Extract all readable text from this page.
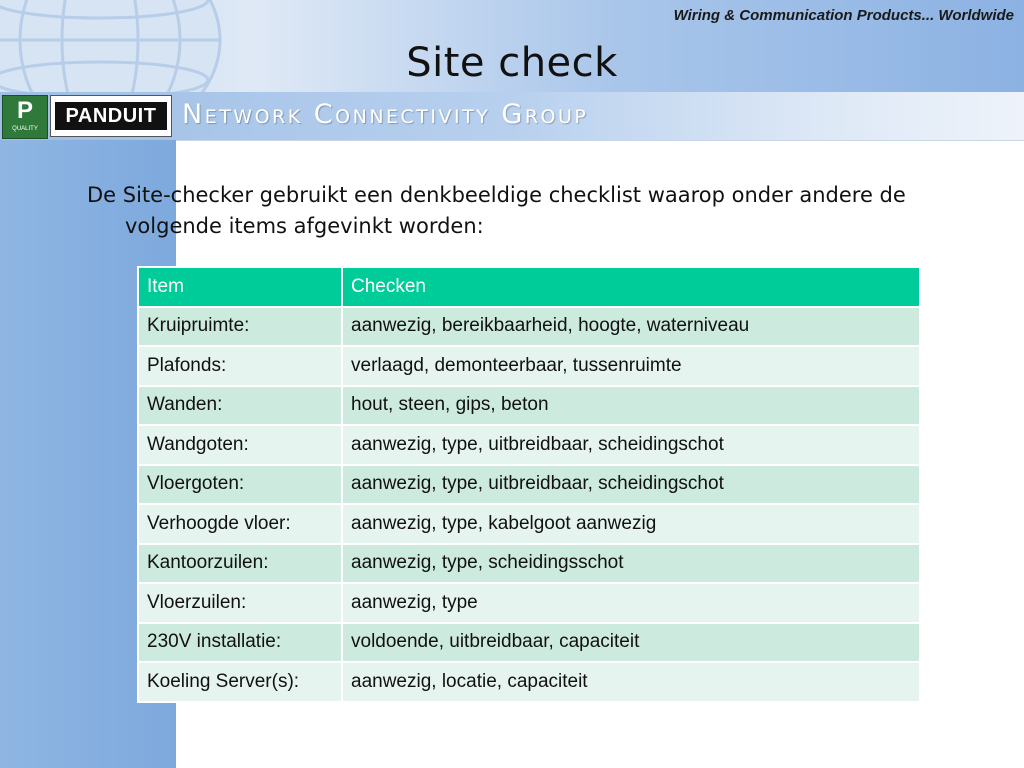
Wiring & Communication Products... Worldwide
Site check
P
QUALITY
PANDUIT Network Connectivity Group
De Site-checker gebruikt een denkbeeldige checklist waarop onder andere de volgende items afgevinkt worden:
Item	Checken
Kruipruimte:	aanwezig, bereikbaarheid, hoogte, waterniveau
Plafonds:	verlaagd, demonteerbaar, tussenruimte
Wanden:	hout, steen, gips, beton
Wandgoten:	aanwezig, type, uitbreidbaar, scheidingschot
Vloergoten:	aanwezig, type, uitbreidbaar, scheidingschot
Verhoogde vloer:	aanwezig, type, kabelgoot aanwezig
Kantoorzuilen:	aanwezig, type, scheidingsschot
Vloerzuilen:	aanwezig, type
230V installatie:	voldoende, uitbreidbaar, capaciteit
Koeling Server(s):	aanwezig, locatie, capaciteit
